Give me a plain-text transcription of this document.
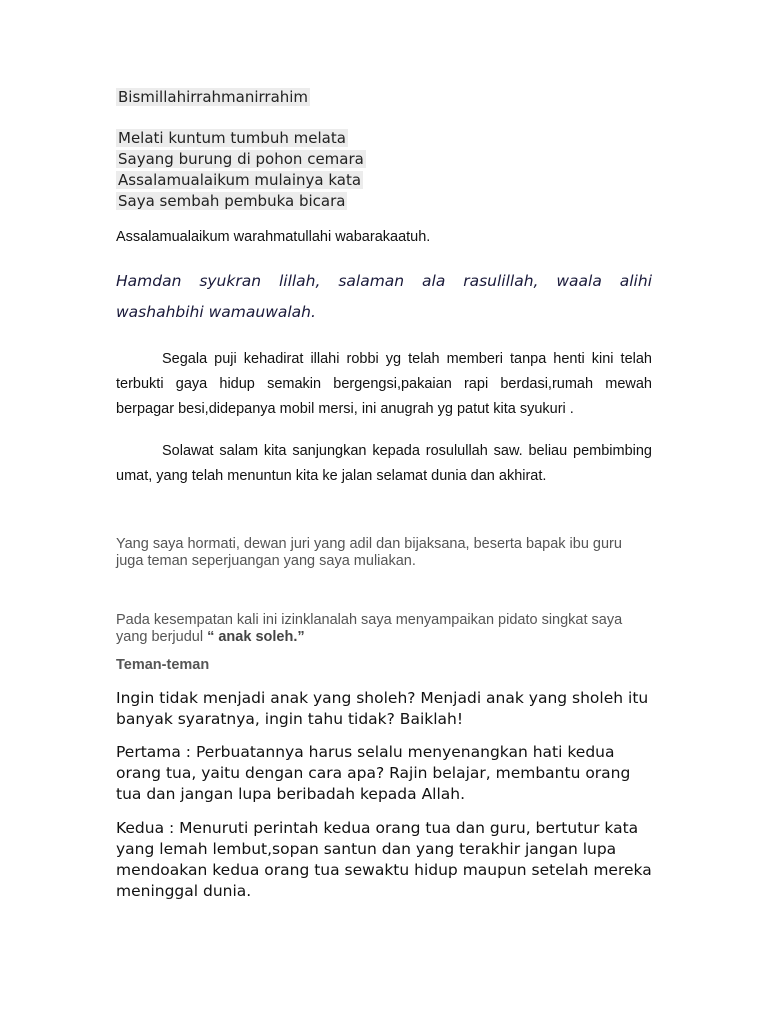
Bismillahirrahmanirrahim

Melati kuntum tumbuh melata
Sayang burung di pohon cemara
Assalamualaikum mulainya kata
Saya sembah pembuka bicara

Assalamualaikum warahmatullahi wabarakaatuh.

Hamdan syukran lillah, salaman ala rasulillah, waala alihi washahbihi wamauwalah.

Segala puji kehadirat illahi robbi yg telah memberi tanpa henti kini telah terbukti gaya hidup semakin bergengsi,pakaian rapi berdasi,rumah mewah berpagar besi,didepanya mobil mersi, ini anugrah yg patut kita syukuri .

Solawat salam kita sanjungkan kepada rosulullah saw. beliau pembimbing umat, yang telah menuntun kita ke jalan selamat dunia dan akhirat.

Yang saya hormati, dewan juri yang adil dan bijaksana, beserta bapak ibu guru juga teman seperjuangan yang saya muliakan.

Pada kesempatan kali ini izinklanalah saya menyampaikan pidato singkat saya yang berjudul “ anak soleh.”

Teman-teman

Ingin tidak menjadi anak yang sholeh? Menjadi anak yang sholeh itu banyak syaratnya, ingin tahu tidak? Baiklah!

Pertama : Perbuatannya harus selalu menyenangkan hati kedua orang tua, yaitu dengan cara apa? Rajin belajar, membantu orang tua dan jangan lupa beribadah kepada Allah.

Kedua : Menuruti perintah kedua orang tua dan guru, bertutur kata yang lemah lembut,sopan santun dan yang terakhir jangan lupa mendoakan kedua orang tua sewaktu hidup maupun setelah mereka meninggal dunia.
